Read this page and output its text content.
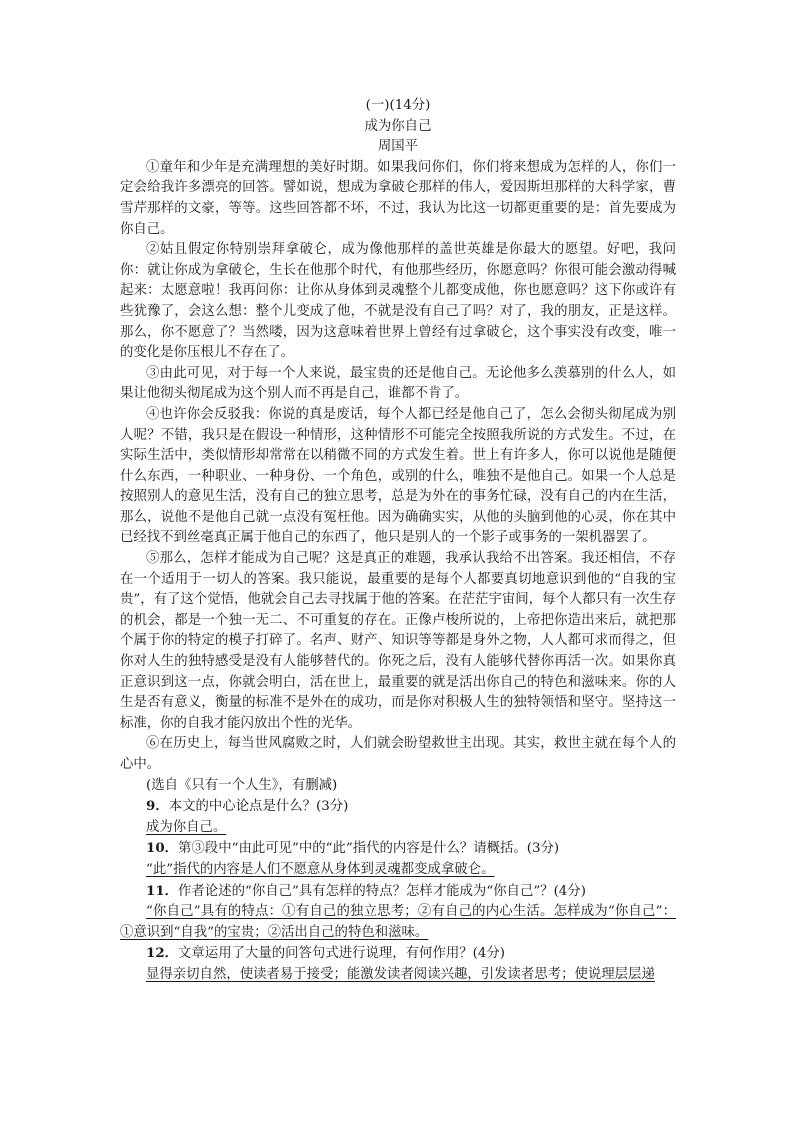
(一)(14分)
成为你自己
周国平

①童年和少年是充满理想的美好时期。如果我问你们，你们将来想成为怎样的人，你们一定会给我许多漂亮的回答。譬如说，想成为拿破仑那样的伟人，爱因斯坦那样的大科学家，曹雪芹那样的文豪，等等。这些回答都不坏，不过，我认为比这一切都更重要的是：首先要成为你自己。

②姑且假定你特别崇拜拿破仑，成为像他那样的盖世英雄是你最大的愿望。好吧，我问你：就让你成为拿破仑，生长在他那个时代，有他那些经历，你愿意吗？你很可能会激动得喊起来：太愿意啦！我再问你：让你从身体到灵魂整个儿都变成他，你也愿意吗？这下你或许有些犹豫了，会这么想：整个儿变成了他，不就是没有自己了吗？对了，我的朋友，正是这样。那么，你不愿意了？当然喽，因为这意味着世界上曾经有过拿破仑，这个事实没有改变，唯一的变化是你压根儿不存在了。

③由此可见，对于每一个人来说，最宝贵的还是他自己。无论他多么羡慕别的什么人，如果让他彻头彻尾成为这个别人而不再是自己，谁都不肯了。

④也许你会反驳我：你说的真是废话，每个人都已经是他自己了，怎么会彻头彻尾成为别人呢？不错，我只是在假设一种情形，这种情形不可能完全按照我所说的方式发生。不过，在实际生活中，类似情形却常常在以稍微不同的方式发生着。世上有许多人，你可以说他是随便什么东西，一种职业、一种身份、一个角色，或别的什么，唯独不是他自己。如果一个人总是按照别人的意见生活，没有自己的独立思考，总是为外在的事务忙碌，没有自己的内在生活，那么，说他不是他自己就一点没有冤枉他。因为确确实实，从他的头脑到他的心灵，你在其中已经找不到丝毫真正属于他自己的东西了，他只是别人的一个影子或事务的一架机器罢了。

⑤那么，怎样才能成为自己呢？这是真正的难题，我承认我给不出答案。我还相信，不存在一个适用于一切人的答案。我只能说，最重要的是每个人都要真切地意识到他的“自我的宝贵”，有了这个觉悟，他就会自己去寻找属于他的答案。在茫茫宇宙间，每个人都只有一次生存的机会，都是一个独一无二、不可重复的存在。正像卢梭所说的，上帝把你造出来后，就把那个属于你的特定的模子打碎了。名声、财产、知识等等都是身外之物，人人都可求而得之，但你对人生的独特感受是没有人能够替代的。你死之后，没有人能够代替你再活一次。如果你真正意识到这一点，你就会明白，活在世上，最重要的就是活出你自己的特色和滋味来。你的人生是否有意义，衡量的标准不是外在的成功，而是你对积极人生的独特领悟和坚守。坚持这一标准，你的自我才能闪放出个性的光华。

⑥在历史上，每当世风腐败之时，人们就会盼望救世主出现。其实，救世主就在每个人的心中。

(选自《只有一个人生》，有删减)

9．本文的中心论点是什么？(3分)

成为你自己。

10．第③段中“由此可见”中的“此”指代的内容是什么？请概括。(3分)

“此”指代的内容是人们不愿意从身体到灵魂都变成拿破仑。

11．作者论述的“你自己”具有怎样的特点？怎样才能成为“你自己”？(4分)

“你自己”具有的特点：①有自己的独立思考；②有自己的内心生活。怎样成为“你自己”：①意识到“自我”的宝贵；②活出自己的特色和滋味。

12．文章运用了大量的问答句式进行说理，有何作用？(4分)

显得亲切自然，使读者易于接受；能激发读者阅读兴趣，引发读者思考；使说理层层递
